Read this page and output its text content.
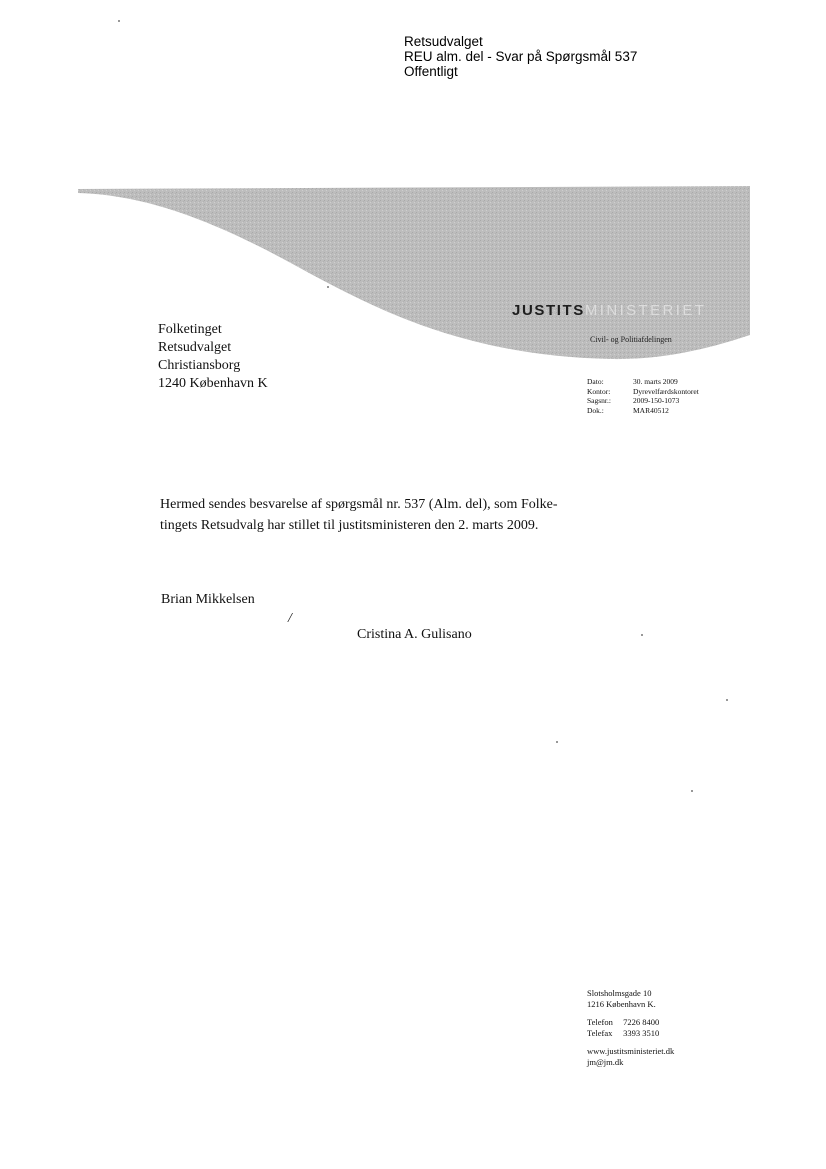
Retsudvalget
REU alm. del - Svar på Spørgsmål 537
Offentligt
JUSTITSMINISTERIET
Civil- og Politiafdelingen
Folketinget
Retsudvalget
Christiansborg
1240 København K	Dato:	30. marts 2009
Kontor:	Dyrevelfærdskontoret
Sagsnr.:	2009-150-1073
Dok.:	MAR40512
Hermed sendes besvarelse af spørgsmål nr. 537 (Alm. del), som Folke-
tingets Retsudvalg har stillet til justitsministeren den 2. marts 2009.
Brian Mikkelsen
/
Cristina A. Gulisano
Slotsholmsgade 10
1216 København K.
Telefon 7226 8400
Telefax 3393 3510
www.justitsministeriet.dk
jm@jm.dk
